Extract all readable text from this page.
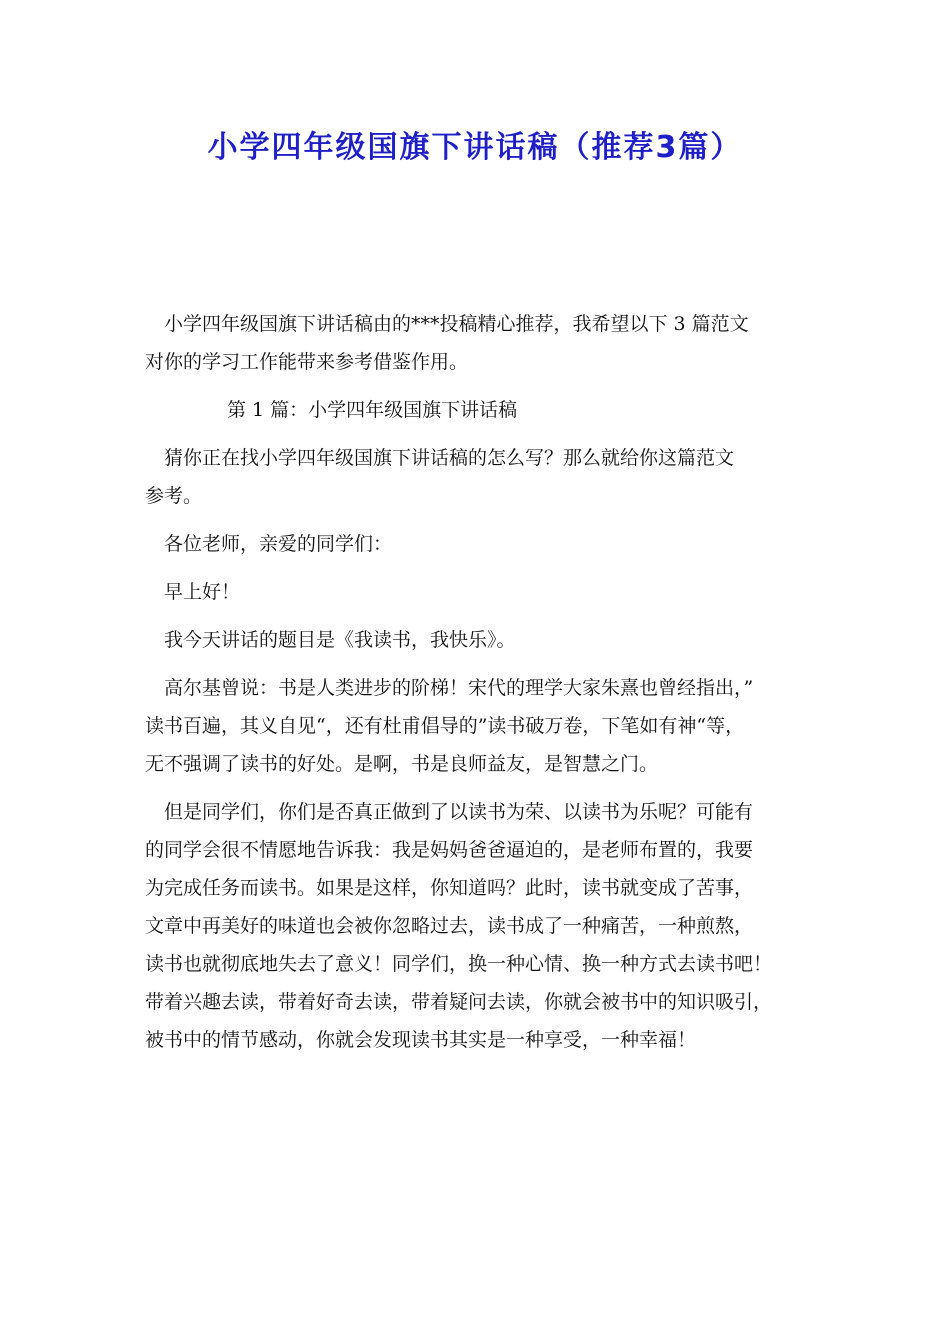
小学四年级国旗下讲话稿（推荐3篇）

小学四年级国旗下讲话稿由的***投稿精心推荐，我希望以下 3 篇范文
对你的学习工作能带来参考借鉴作用。

第 1 篇：小学四年级国旗下讲话稿

猜你正在找小学四年级国旗下讲话稿的怎么写？那么就给你这篇范文
参考。

各位老师，亲爱的同学们：

早上好！

我今天讲话的题目是《我读书，我快乐》。

高尔基曾说：书是人类进步的阶梯！宋代的理学大家朱熹也曾经指出，”
读书百遍，其义自见“，还有杜甫倡导的”读书破万卷，下笔如有神“等，
无不强调了读书的好处。是啊，书是良师益友，是智慧之门。

但是同学们，你们是否真正做到了以读书为荣、以读书为乐呢？可能有
的同学会很不情愿地告诉我：我是妈妈爸爸逼迫的，是老师布置的，我要
为完成任务而读书。如果是这样，你知道吗？此时，读书就变成了苦事，
文章中再美好的味道也会被你忽略过去，读书成了一种痛苦，一种煎熬，
读书也就彻底地失去了意义！同学们，换一种心情、换一种方式去读书吧！
带着兴趣去读，带着好奇去读，带着疑问去读，你就会被书中的知识吸引，
被书中的情节感动，你就会发现读书其实是一种享受，一种幸福！
